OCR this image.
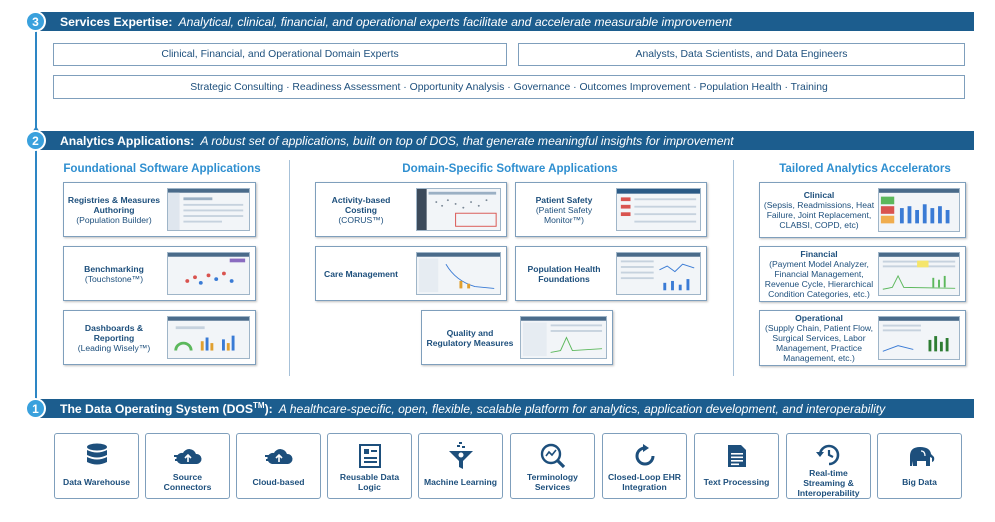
3	Services Expertise: Analytical, clinical, financial, and operational experts facilitate and accelerate measurable improvement
Clinical, Financial, and Operational Domain Experts	Analysts, Data Scientists, and Data Engineers
Strategic Consulting · Readiness Assessment · Opportunity Analysis · Governance · Outcomes Improvement · Population Health · Training
2	Analytics Applications: A robust set of applications, built on top of DOS, that generate meaningful insights for improvement
Foundational Software Applications	Domain-Specific Software Applications	Tailored Analytics Accelerators
Registries & Measures Authoring
(Population Builder)
Benchmarking
(Touchstone™)
Dashboards & Reporting
(Leading Wisely™)
Activity-based Costing
(CORUS™)
Patient Safety
(Patient Safety Monitor™)
Care Management	Population Health Foundations
Quality and Regulatory Measures
Clinical
(Sepsis, Readmissions, Heat Failure, Joint Replacement, CLABSI, COPD, etc)
Financial
(Payment Model Analyzer, Financial Management, Revenue Cycle, Hierarchical Condition Categories, etc.)
Operational
(Supply Chain, Patient Flow, Surgical Services, Labor Management, Practice Management, etc.)
1	The Data Operating System (DOS™): A healthcare-specific, open, flexible, scalable platform for analytics, application development, and interoperability
Data Warehouse	Source Connectors	Cloud-based	Reusable Data Logic	Machine Learning	Terminology Services
Closed-Loop EHR Integration	Text Processing
Real-time Streaming & Interoperability
Big Data
